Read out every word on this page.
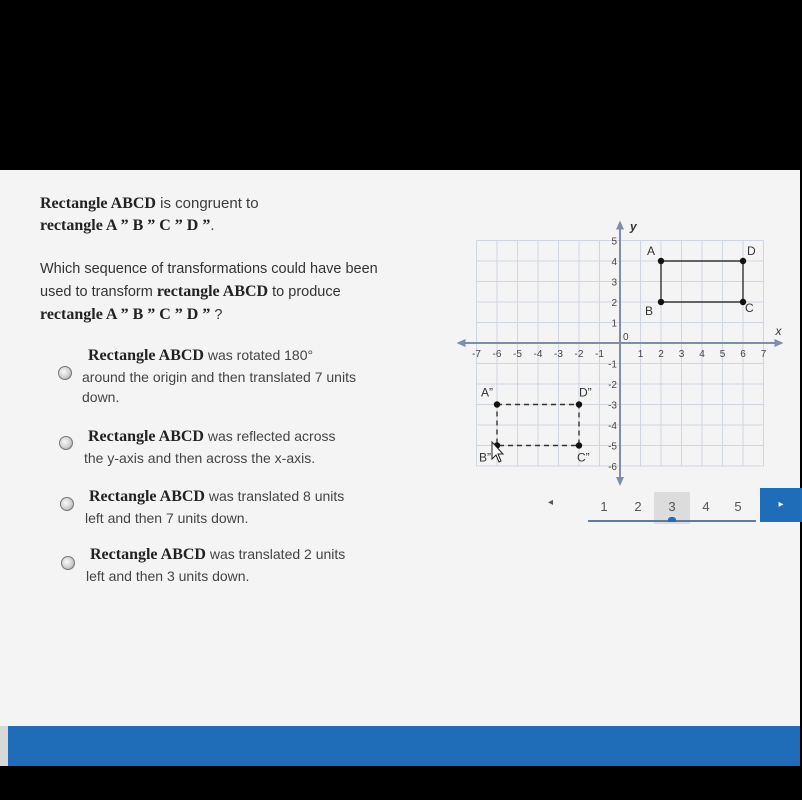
Rectangle ABCD is congruent to
rectangle A ” B ” C ” D ”.
Which sequence of transformations could have been
used to transform rectangle ABCD to produce
rectangle A ” B ” C ” D ” ?
Rectangle ABCD was rotated 180°
around the origin and then translated 7 units
down.
Rectangle ABCD was reflected across
the y-axis and then across the x-axis.
Rectangle ABCD was translated 8 units
left and then 7 units down.
Rectangle ABCD was translated 2 units
left and then 3 units down.
x
y
-7 -6 -5 -4 -3 -2 -1	1 2 3 4 5 6 7
5
4
3
2
1
-1
-2
-3
-4
-5
-6
0
A
B	C
D
A”
B”	C”
D”
◂	1	2	3	4	5	▸
